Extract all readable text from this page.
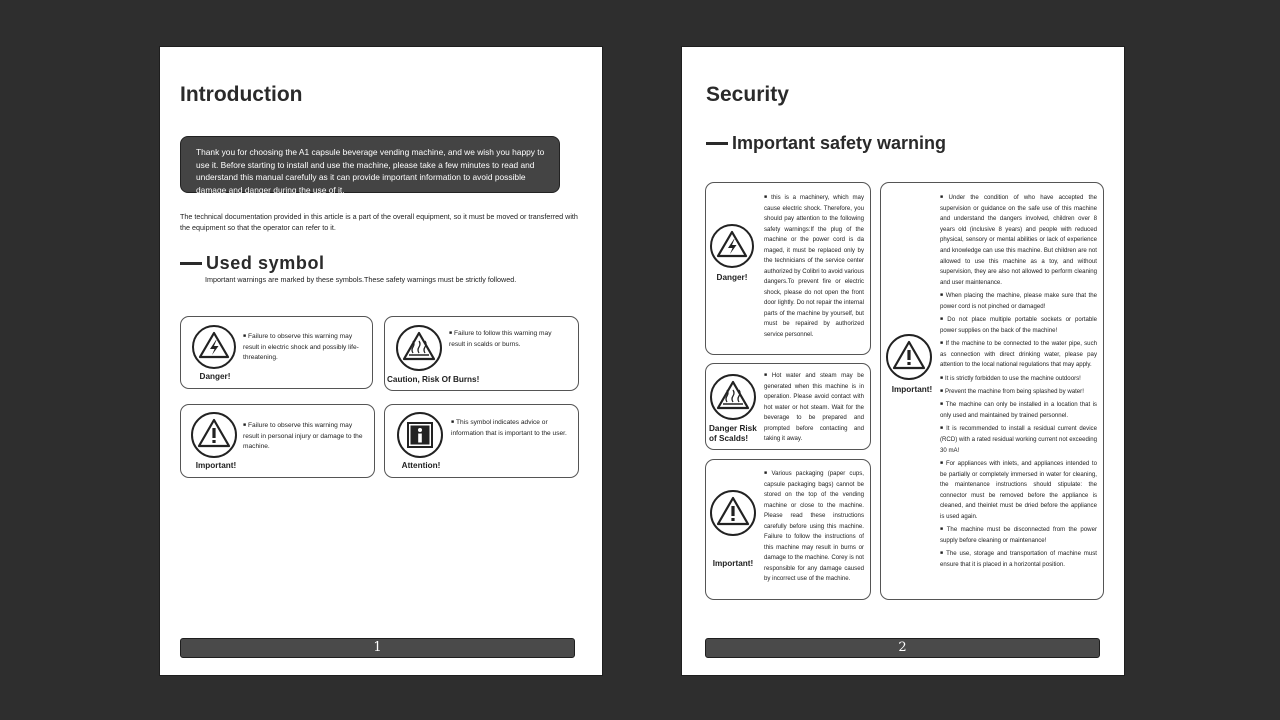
Introduction
Thank you for choosing the A1 capsule beverage vending machine, and we wish you happy to use it. Before starting to install and use the machine, please take a few minutes to read and understand this manual carefully as it can provide important information to avoid possible damage and danger during the use of it.
The technical documentation provided in this article is a part of the overall equipment, so it must be moved or transferred with the equipment so that the operator can refer to it.
Used symbol
Important warnings are marked by these symbols.These safety warnings must be strictly followed.
Danger!
■ Failure to observe this warning may result in electric shock and possibly life-threatening.
Caution, Risk Of Burns!
■ Failure to follow this warning may result in scalds or burns.
Important!
■ Failure to observe this warning may result in personal injury or damage to the machine.
Attention!
■ This symbol indicates advice or information that is important to the user.
1
Security
Important safety warning
Danger!
■ this is a machinery, which may cause electric shock. Therefore, you should pay attention to the following safety warnings:If the plug of the machine or the power cord is da maged, it must be replaced only by the technicians of the service center authorized by Colibri to avoid various dangers.To prevent fire or electric shock, please do not open the front door lightly. Do not repair the internal parts of the machine by yourself, but must be repaired by authorized service personnel.
Danger Risk of Scalds!
■ Hot water and steam may be generated when this machine is in operation. Please avoid contact with hot water or hot steam. Wait for the beverage to be prepared and prompted before contacting and taking it away.
Important!
■ Various packaging (paper cups, capsule packaging bags) cannot be stored on the top of the vending machine or close to the machine. Please read these instructions carefully before using this machine. Failure to follow the instructions of this machine may result in burns or damage to the machine. Corey is not responsible for any damage caused by incorrect use of the machine.
Important!
■ Under the condition of who have accepted the supervision or guidance on the safe use of this machine and understand the dangers involved, children over 8 years old (inclusive 8 years) and people with reduced physical, sensory or mental abilities or lack of experience and knowledge can use this machine. But children are not allowed to use this machine as a toy, and without supervision, they are also not allowed to perform cleaning and user maintenance.
■ When placing the machine, please make sure that the power cord is not pinched or damaged!
■ Do not place multiple portable sockets or portable power supplies on the back of the machine!
■ If the machine to be connected to the water pipe, such as connection with direct drinking water, please pay attention to the local national regulations that may apply.
■ It is strictly forbidden to use the machine outdoors!
■ Prevent the machine from being splashed by water!
■ The machine can only be installed in a location that is only used and maintained by trained personnel.
■ It is recommended to install a residual current device (RCD) with a rated residual working current not exceeding 30 mA!
■ For appliances with inlets, and appliances intended to be partially or completely immersed in water for cleaning, the maintenance instructions should stipulate: the connector must be removed before the appliance is cleaned, and theinlet must be dried before the appliance is used again.
■ The machine must be disconnected from the power supply before cleaning or maintenance!
■ The use, storage and transportation of machine must ensure that it is placed in a horizontal position.
2
